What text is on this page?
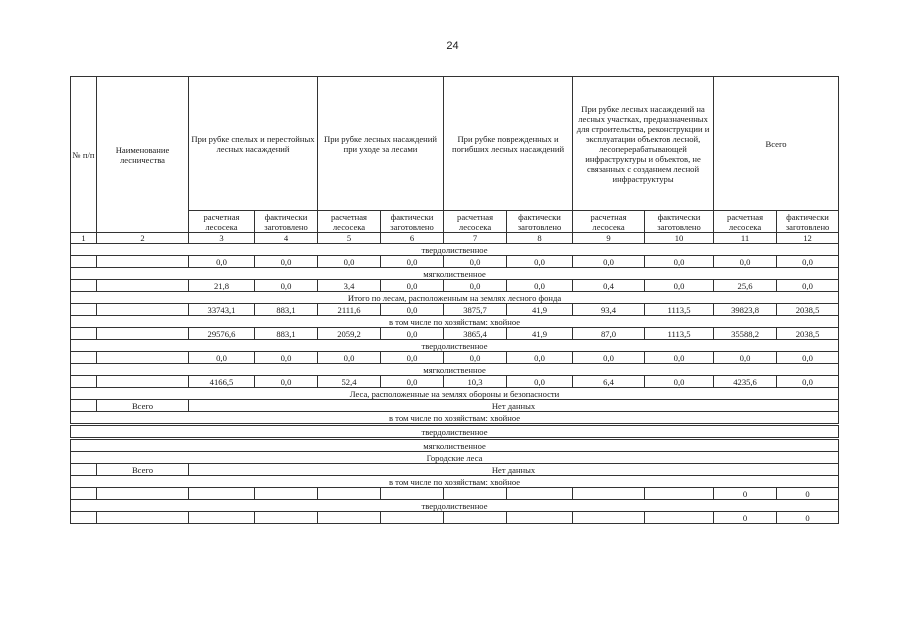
24
№ п/п	Наименование лесничества	При рубке спелых и перестойных лесных насаждений		При рубке лесных насаждений при уходе за лесами		При рубке поврежденных и погибших лесных насаждений		При рубке лесных насаждений на лесных участках, предназначенных для строительства, реконструкции и эксплуатации объектов лесной, лесоперерабатывающей инфраструктуры и объектов, не связанных с созданием лесной инфраструктуры		Всего	
		расчетная лесосека	фактически заготовлено	расчетная лесосека	фактически заготовлено	расчетная лесосека	фактически заготовлено	расчетная лесосека	фактически заготовлено	расчетная лесосека	фактически заготовлено
1	2	3	4	5	6	7	8	9	10	11	12
твердолиственное											
		0,0	0,0	0,0	0,0	0,0	0,0	0,0	0,0	0,0	0,0
мягколиственное											
		21,8	0,0	3,4	0,0	0,0	0,0	0,4	0,0	25,6	0,0
Итого по лесам, расположенным на землях лесного фонда											
		33743,1	883,1	2111,6	0,0	3875,7	41,9	93,4	1113,5	39823,8	2038,5
в том числе по хозяйствам: хвойное											
		29576,6	883,1	2059,2	0,0	3865,4	41,9	87,0	1113,5	35588,2	2038,5
твердолиственное											
		0,0	0,0	0,0	0,0	0,0	0,0	0,0	0,0	0,0	0,0
мягколиственное											
		4166,5	0,0	52,4	0,0	10,3	0,0	6,4	0,0	4235,6	0,0
Леса, расположенные на землях обороны и безопасности											
	Всего	Нет данных									
в том числе по хозяйствам: хвойное											
твердолиственное											
мягколиственное											
Городские леса											
	Всего	Нет данных									
в том числе по хозяйствам: хвойное											
										0	0
твердолиственное											
										0	0
